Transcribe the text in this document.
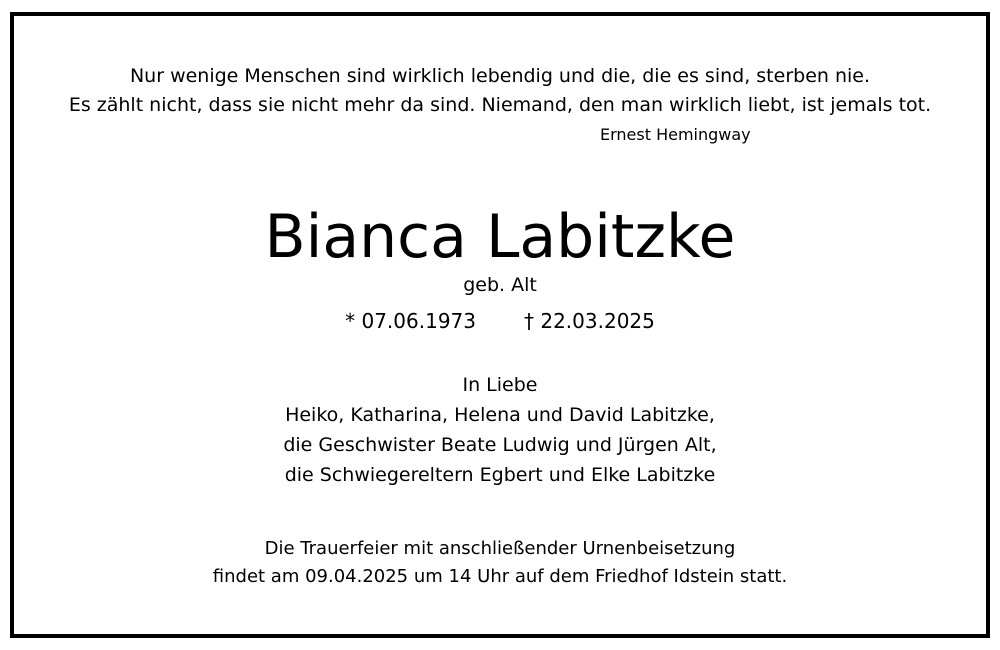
Nur wenige Menschen sind wirklich lebendig und die, die es sind, sterben nie.
Es zählt nicht, dass sie nicht mehr da sind. Niemand, den man wirklich liebt, ist jemals tot.
Ernest Hemingway
Bianca Labitzke
geb. Alt
* 07.06.1973 † 22.03.2025
In Liebe
Heiko, Katharina, Helena und David Labitzke,
die Geschwister Beate Ludwig und Jürgen Alt,
die Schwiegereltern Egbert und Elke Labitzke
Die Trauerfeier mit anschließender Urnenbeisetzung
findet am 09.04.2025 um 14 Uhr auf dem Friedhof Idstein statt.
